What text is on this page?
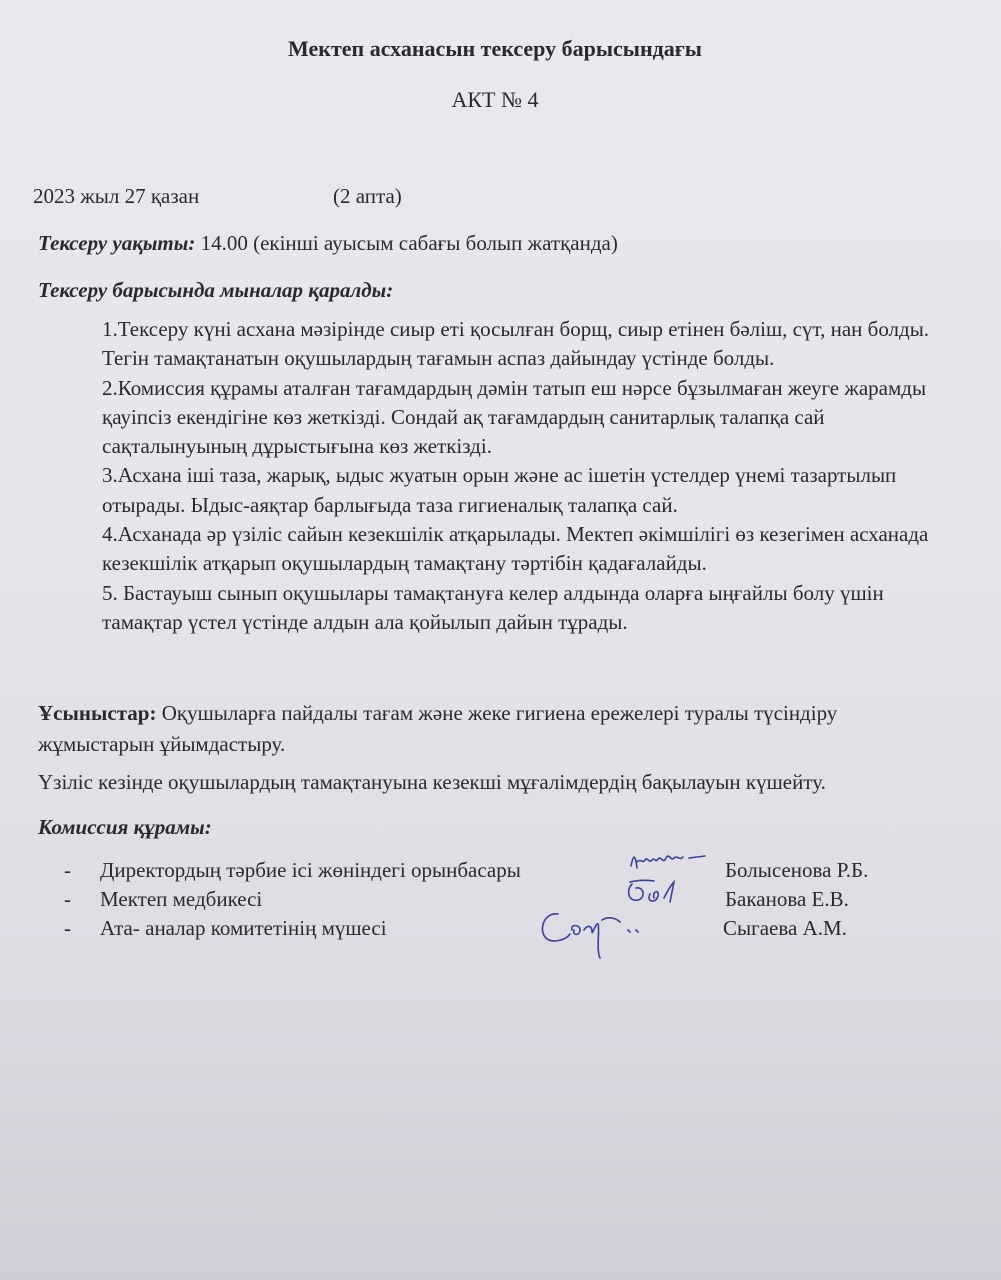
Мектеп асханасын тексеру барысындағы
АКТ № 4
2023 жыл 27 қазан	(2 апта)
Тексеру уақыты: 14.00 (екінші ауысым сабағы болып жатқанда)
Тексеру барысында мыналар қаралды:

1.Тексеру күні асхана мәзірінде сиыр еті қосылған борщ, сиыр етінен бәліш, сүт, нан болды. Тегін тамақтанатын оқушылардың тағамын аспаз дайындау үстінде болды.

2.Комиссия құрамы аталған тағамдардың дәмін татып еш нәрсе бұзылмаған жеуге жарамды қауіпсіз екендігіне көз жеткізді. Сондай ақ тағамдардың санитарлық талапқа сай сақталынуының дұрыстығына көз жеткізді.

3.Асхана іші таза, жарық, ыдыс жуатын орын және ас ішетін үстелдер үнемі тазартылып отырады. Ыдыс-аяқтар барлығыда таза гигиеналық талапқа сай.

4.Асханада әр үзіліс сайын кезекшілік атқарылады. Мектеп әкімшілігі өз кезегімен асханада кезекшілік атқарып оқушылардың тамақтану тәртібін қадағалайды.

5. Бастауыш сынып оқушылары тамақтануға келер алдында оларға ыңғайлы болу үшін тамақтар үстел үстінде алдын ала қойылып дайын тұрады.

Ұсыныстар: Оқушыларға пайдалы тағам және жеке гигиена ережелері туралы түсіндіру жұмыстарын ұйымдастыру.
Үзіліс кезінде оқушылардың тамақтануына кезекші мұғалімдердің бақылауын күшейту.
Комиссия құрамы:
- Директордың тәрбие ісі жөніндегі орынбасары	Болысенова Р.Б.
- Мектеп медбикесі	Баканова Е.В.
- Ата- аналар комитетінің мүшесі	Сыгаева А.М.
